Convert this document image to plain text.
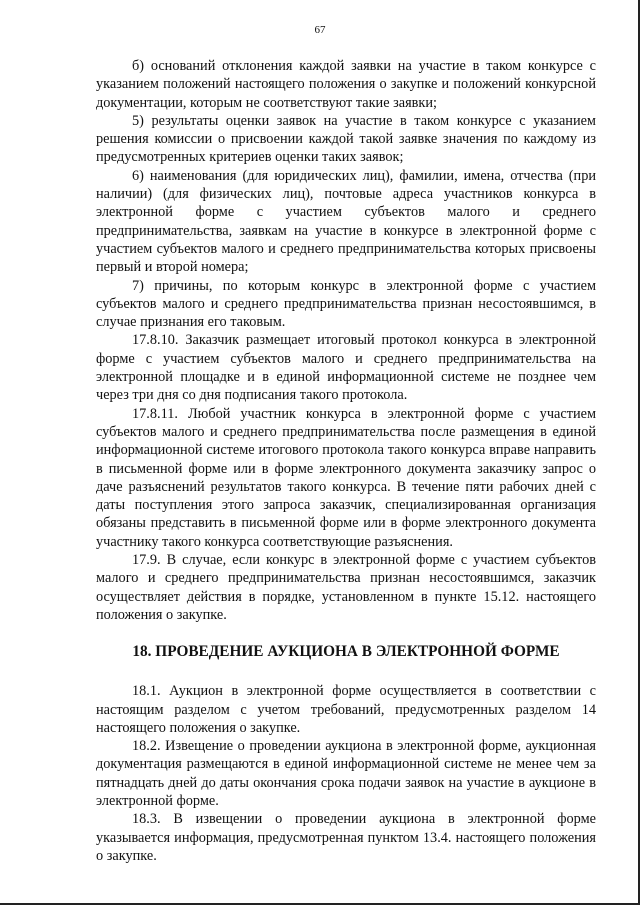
67

б) оснований отклонения каждой заявки на участие в таком конкурсе с указанием положений настоящего положения о закупке и положений конкурсной документации, которым не соответствуют такие заявки;

5) результаты оценки заявок на участие в таком конкурсе с указанием решения комиссии о присвоении каждой такой заявке значения по каждому из предусмотренных критериев оценки таких заявок;

6) наименования (для юридических лиц), фамилии, имена, отчества (при наличии) (для физических лиц), почтовые адреса участников конкурса в электронной форме с участием субъектов малого и среднего предпринимательства, заявкам на участие в конкурсе в электронной форме с участием субъектов малого и среднего предпринимательства которых присвоены первый и второй номера;

7) причины, по которым конкурс в электронной форме с участием субъектов малого и среднего предпринимательства признан несостоявшимся, в случае признания его таковым.

17.8.10. Заказчик размещает итоговый протокол конкурса в электронной форме с участием субъектов малого и среднего предпринимательства на электронной площадке и в единой информационной системе не позднее чем через три дня со дня подписания такого протокола.

17.8.11. Любой участник конкурса в электронной форме с участием субъектов малого и среднего предпринимательства после размещения в единой информационной системе итогового протокола такого конкурса вправе направить в письменной форме или в форме электронного документа заказчику запрос о даче разъяснений результатов такого конкурса. В течение пяти рабочих дней с даты поступления этого запроса заказчик, специализированная организация обязаны представить в письменной форме или в форме электронного документа участнику такого конкурса соответствующие разъяснения.

17.9. В случае, если конкурс в электронной форме с участием субъектов малого и среднего предпринимательства признан несостоявшимся, заказчик осуществляет действия в порядке, установленном в пункте 15.12. настоящего положения о закупке.

18. ПРОВЕДЕНИЕ АУКЦИОНА В ЭЛЕКТРОННОЙ ФОРМЕ

18.1. Аукцион в электронной форме осуществляется в соответствии с настоящим разделом с учетом требований, предусмотренных разделом 14 настоящего положения о закупке.

18.2. Извещение о проведении аукциона в электронной форме, аукционная документация размещаются в единой информационной системе не менее чем за пятнадцать дней до даты окончания срока подачи заявок на участие в аукционе в электронной форме.

18.3. В извещении о проведении аукциона в электронной форме указывается информация, предусмотренная пунктом 13.4. настоящего положения о закупке.
